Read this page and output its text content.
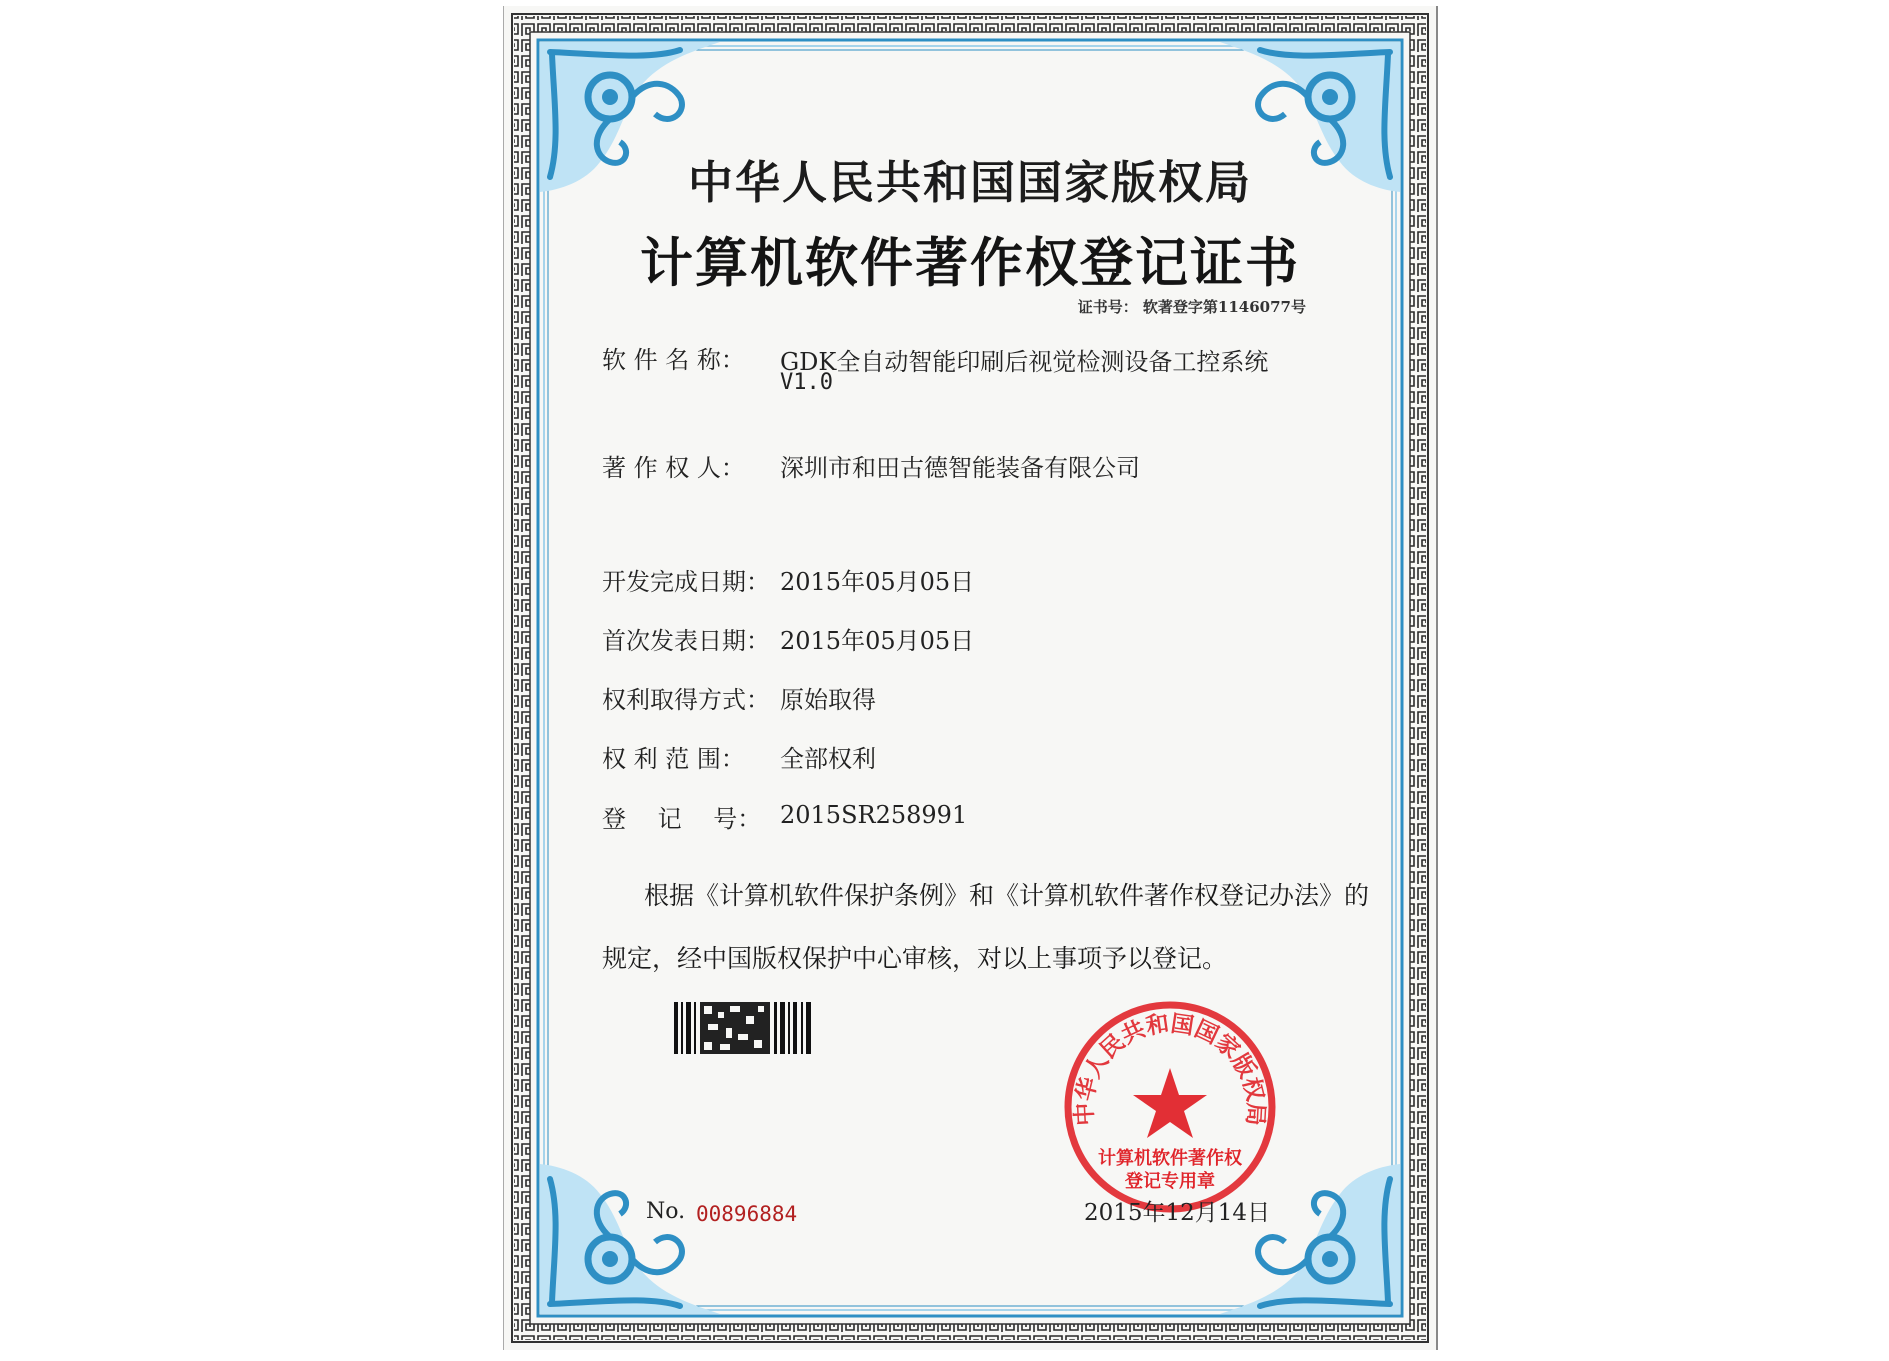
中华人民共和国国家版权局
计算机软件著作权登记证书
证书号： 软著登字第1146077号
软 件 名 称： GDK全自动智能印刷后视觉检测设备工控系统
V1.0
著 作 权 人： 深圳市和田古德智能装备有限公司
开发完成日期： 2015年05月05日
首次发表日期： 2015年05月05日
权利取得方式： 原始取得
权 利 范 围： 全部权利
登　 记　 号： 2015SR258991
根据《计算机软件保护条例》和《计算机软件著作权登记办法》的
规定，经中国版权保护中心审核，对以上事项予以登记。
No. 00896884
中华人民共和国国家版权局
计算机软件著作权
登记专用章
2015年12月14日
